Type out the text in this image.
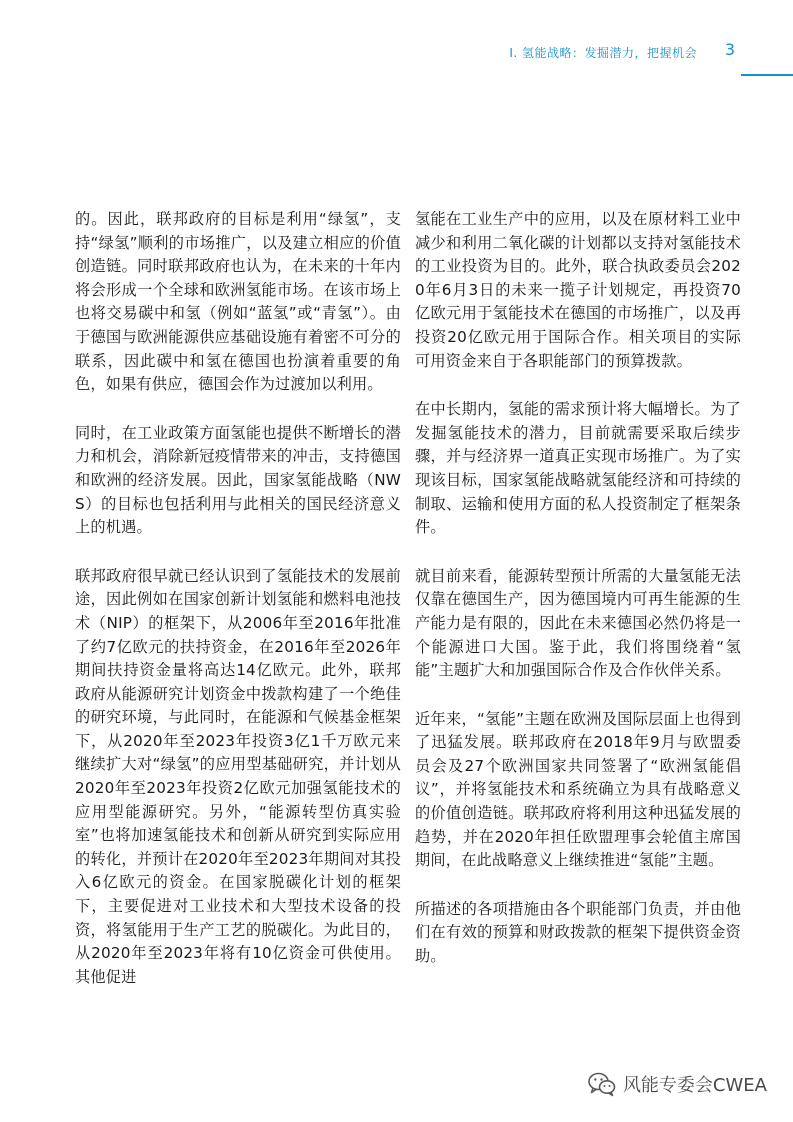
I. 氢能战略：发掘潜力，把握机会 3

的。因此，联邦政府的目标是利用“绿氢”，支持“绿氢”顺利的市场推广，以及建立相应的价值创造链。同时联邦政府也认为，在未来的十年内将会形成一个全球和欧洲氢能市场。在该市场上也将交易碳中和氢（例如“蓝氢”或“青氢”）。由于德国与欧洲能源供应基础设施有着密不可分的联系，因此碳中和氢在德国也扮演着重要的角色，如果有供应，德国会作为过渡加以利用。

同时，在工业政策方面氢能也提供不断增长的潜力和机会，消除新冠疫情带来的冲击，支持德国和欧洲的经济发展。因此，国家氢能战略（NWS）的目标也包括利用与此相关的国民经济意义上的机遇。

联邦政府很早就已经认识到了氢能技术的发展前途，因此例如在国家创新计划氢能和燃料电池技术（NIP）的框架下，从2006年至2016年批准了约7亿欧元的扶持资金，在2016年至2026年期间扶持资金量将高达14亿欧元。此外，联邦政府从能源研究计划资金中拨款构建了一个绝佳的研究环境，与此同时，在能源和气候基金框架下，从2020年至2023年投资3亿1千万欧元来继续扩大对“绿氢”的应用型基础研究，并计划从2020年至2023年投资2亿欧元加强氢能技术的应用型能源研究。另外，“能源转型仿真实验室”也将加速氢能技术和创新从研究到实际应用的转化，并预计在2020年至2023年期间对其投入6亿欧元的资金。在国家脱碳化计划的框架下，主要促进对工业技术和大型技术设备的投资，将氢能用于生产工艺的脱碳化。为此目的，从2020年至2023年将有10亿资金可供使用。其他促进

氢能在工业生产中的应用，以及在原材料工业中减少和利用二氧化碳的计划都以支持对氢能技术的工业投资为目的。此外，联合执政委员会2020年6月3日的未来一揽子计划规定，再投资70亿欧元用于氢能技术在德国的市场推广，以及再投资20亿欧元用于国际合作。相关项目的实际可用资金来自于各职能部门的预算拨款。

在中长期内，氢能的需求预计将大幅增长。为了发掘氢能技术的潜力，目前就需要采取后续步骤，并与经济界一道真正实现市场推广。为了实现该目标，国家氢能战略就氢能经济和可持续的制取、运输和使用方面的私人投资制定了框架条件。

就目前来看，能源转型预计所需的大量氢能无法仅靠在德国生产，因为德国境内可再生能源的生产能力是有限的，因此在未来德国必然仍将是一个能源进口大国。鉴于此，我们将围绕着“氢能”主题扩大和加强国际合作及合作伙伴关系。

近年来，“氢能”主题在欧洲及国际层面上也得到了迅猛发展。联邦政府在2018年9月与欧盟委员会及27个欧洲国家共同签署了“欧洲氢能倡议”，并将氢能技术和系统确立为具有战略意义的价值创造链。联邦政府将利用这种迅猛发展的趋势，并在2020年担任欧盟理事会轮值主席国期间，在此战略意义上继续推进“氢能”主题。

所描述的各项措施由各个职能部门负责，并由他们在有效的预算和财政拨款的框架下提供资金资助。

风能专委会CWEA
